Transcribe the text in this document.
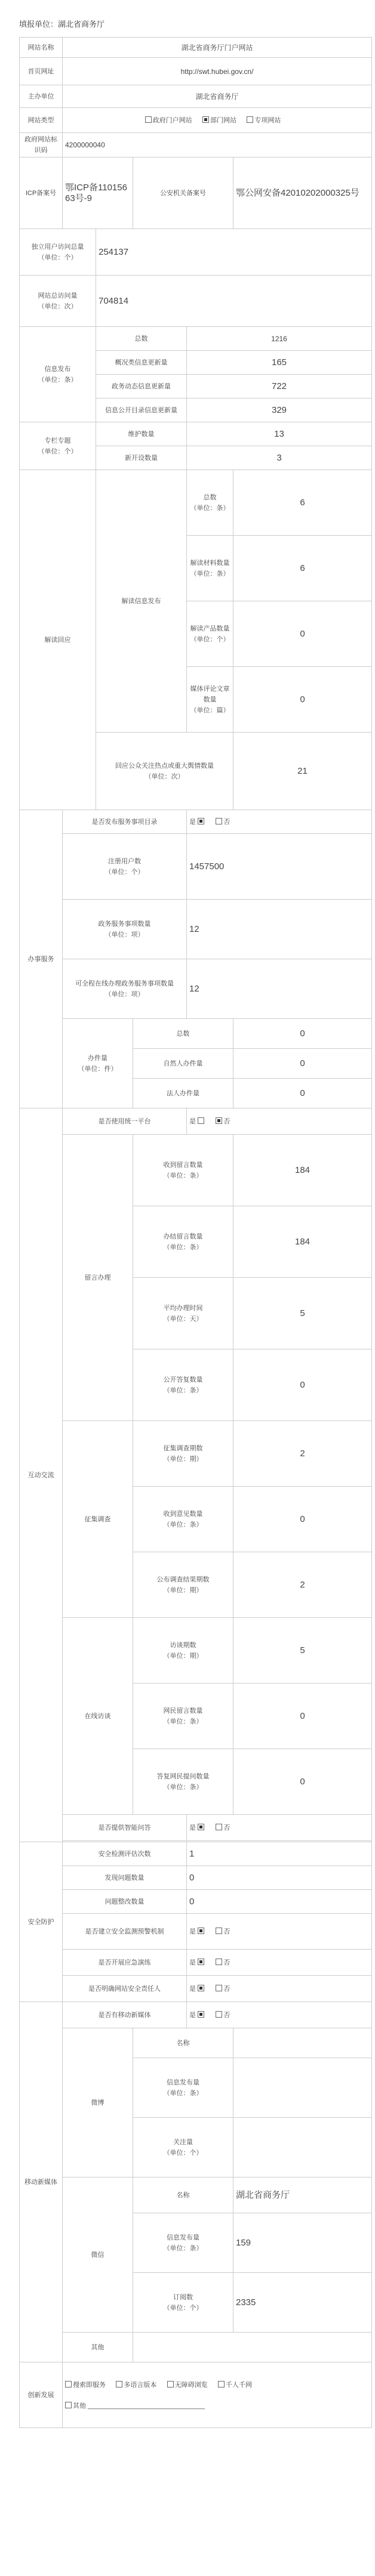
填报单位：湖北省商务厅
网站名称	湖北省商务厅门户网站				
首页网址	http://swt.hubei.gov.cn/				
主办单位	湖北省商务厅				
网站类型	政府门户网站 部门网站 专项网站				
政府网站标识码	4200000040				
ICP备案号	鄂ICP备11015663号-9		公安机关备案号		鄂公网安备42010202000325号
独立用户访问总量
（单位：个）		254137			
网站总访问量
（单位：次）		704814			
信息发布
（单位：条）		总数		1216	
		概况类信息更新量		165	
		政务动态信息更新量		722	
		信息公开目录信息更新量		329	
专栏专题
（单位：个）		维护数量		13	
		新开设数量		3	
解读回应		解读信息发布		总数
（单位：条）	6
				解读材料数量
（单位：条）	6
				解读产品数量
（单位：个）	0
				媒体评论文章数量
（单位：篇）	0
		回应公众关注热点或重大舆情数量
（单位：次）			21
办事服务	是否发布服务事项目录			是 否	
	注册用户数
（单位：个）			1457500	
	政务服务事项数量
（单位：项）			12	
	可全程在线办理政务服务事项数量
（单位：项）			12	
	办件量
（单位：件）		总数		0
			自然人办件量		0
			法人办件量		0
互动交流	是否使用统一平台			是 否	
	留言办理		收到留言数量
（单位：条）		184
			办结留言数量
（单位：条）		184
			平均办理时间
（单位：天）		5
			公开答复数量
（单位：条）		0
	征集调查		征集调查期数
（单位：期）		2
			收到意见数量
（单位：条）		0
			公布调查结果期数
（单位：期）		2
	在线访谈		访谈期数
（单位：期）		5
			网民留言数量
（单位：条）		0
			答复网民提问数量
（单位：条）		0
	是否提供智能问答			是 否	

安全防护	安全检测评估次数			1	
	发现问题数量			0	
	问题整改数量			0	
	是否建立安全监测预警机制			是 否	
	是否开展应急演练			是 否	
	是否明确网站安全责任人			是 否	
移动新媒体	是否有移动新媒体			是 否	
	微博		名称		
			信息发布量
（单位：条）		

			关注量
（单位：个）		

	微信		名称		湖北省商务厅
			信息发布量
（单位：条）		159
			订阅数
（单位：个）		2335
	其他				
创新发展	搜索即服务 多语言版本 无障碍浏览 千人千网
其他 ________________________________				
